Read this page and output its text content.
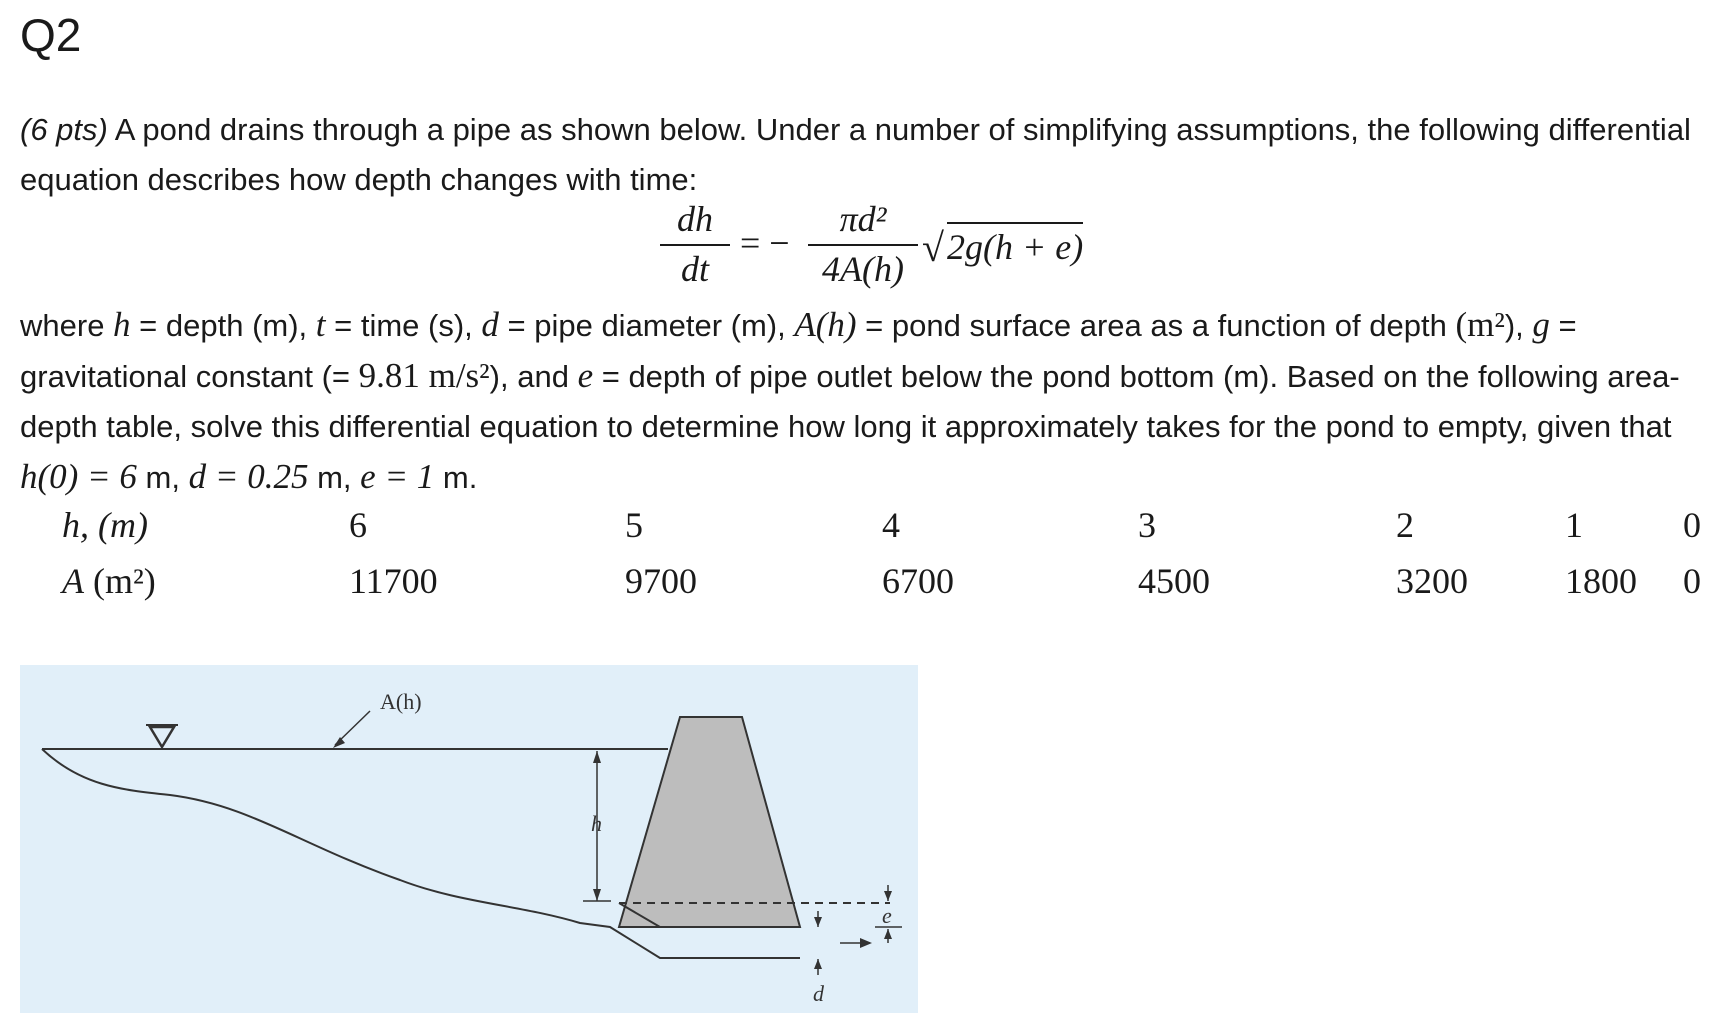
Q2
(6 pts) A pond drains through a pipe as shown below. Under a number of simplifying assumptions, the following differential equation describes how depth changes with time:
dh
dt
= −
πd²
4A(h) √ 2g(h + e)
where h = depth (m), t = time (s), d = pipe diameter (m), A(h) = pond surface area as a function of depth (m²), g = gravitational constant (= 9.81 m/s²), and e = depth of pipe outlet below the pond bottom (m). Based on the following area-depth table, solve this differential equation to determine how long it approximately takes for the pond to empty, given that h(0) = 6 m, d = 0.25 m, e = 1 m.
h, (m)	6	5	4	3	2	1	0
A (m²)	11700	9700	6700	4500	3200	1800 0
h
A(h)
e
d
